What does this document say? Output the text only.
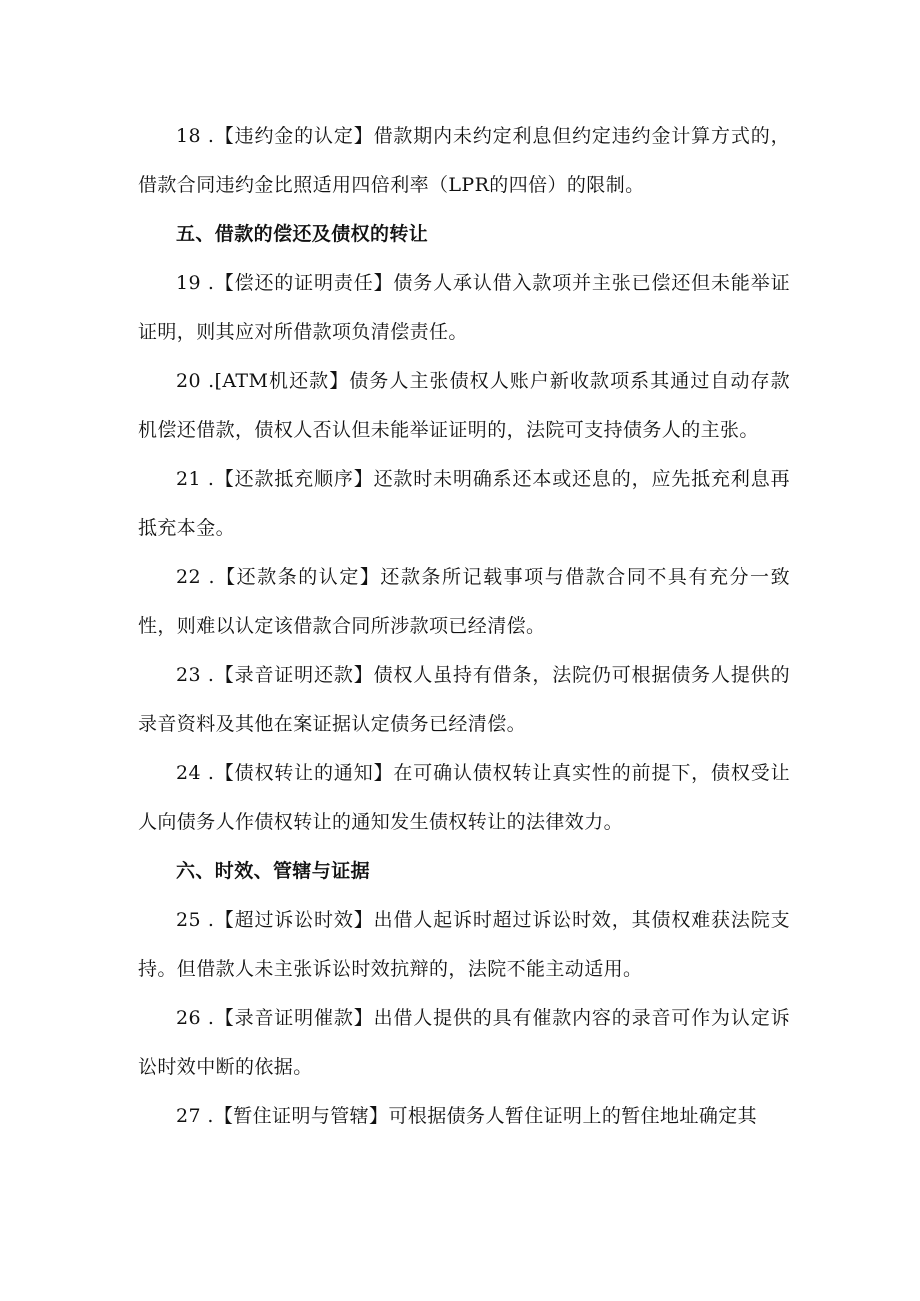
18 .【违约金的认定】借款期内未约定利息但约定违约金计算方式的，借款合同违约金比照适用四倍利率（LPR的四倍）的限制。

五、借款的偿还及债权的转让

19 .【偿还的证明责任】债务人承认借入款项并主张已偿还但未能举证证明，则其应对所借款项负清偿责任。

20 .[ATM机还款】债务人主张债权人账户新收款项系其通过自动存款机偿还借款，债权人否认但未能举证证明的，法院可支持债务人的主张。

21 .【还款抵充顺序】还款时未明确系还本或还息的，应先抵充利息再抵充本金。

22 .【还款条的认定】还款条所记载事项与借款合同不具有充分一致性，则难以认定该借款合同所涉款项已经清偿。

23 .【录音证明还款】债权人虽持有借条，法院仍可根据债务人提供的录音资料及其他在案证据认定债务已经清偿。

24 .【债权转让的通知】在可确认债权转让真实性的前提下，债权受让人向债务人作债权转让的通知发生债权转让的法律效力。

六、时效、管辖与证据

25 .【超过诉讼时效】出借人起诉时超过诉讼时效，其债权难获法院支持。但借款人未主张诉讼时效抗辩的，法院不能主动适用。

26 .【录音证明催款】出借人提供的具有催款内容的录音可作为认定诉讼时效中断的依据。

27 .【暂住证明与管辖】可根据债务人暂住证明上的暂住地址确定其
